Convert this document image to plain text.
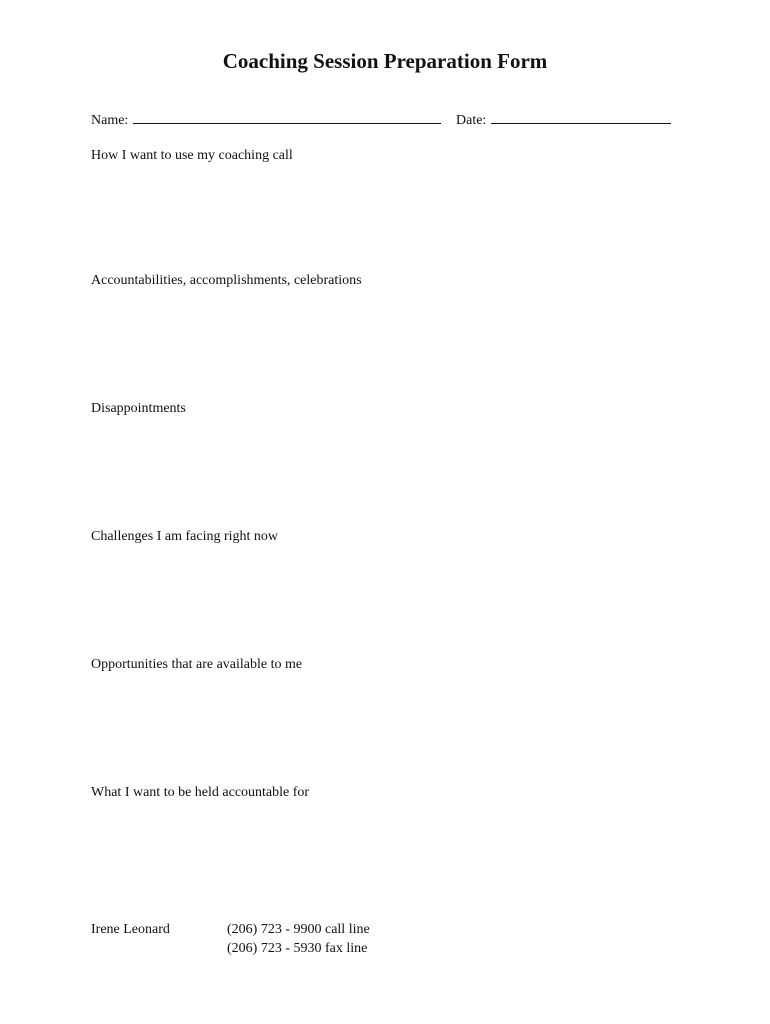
Coaching Session Preparation Form
Name:	Date:
How I want to use my coaching call
Accountabilities, accomplishments, celebrations
Disappointments
Challenges I am facing right now
Opportunities that are available to me
What I want to be held accountable for
Irene Leonard	(206) 723 - 9900 call line
(206) 723 - 5930 fax line
